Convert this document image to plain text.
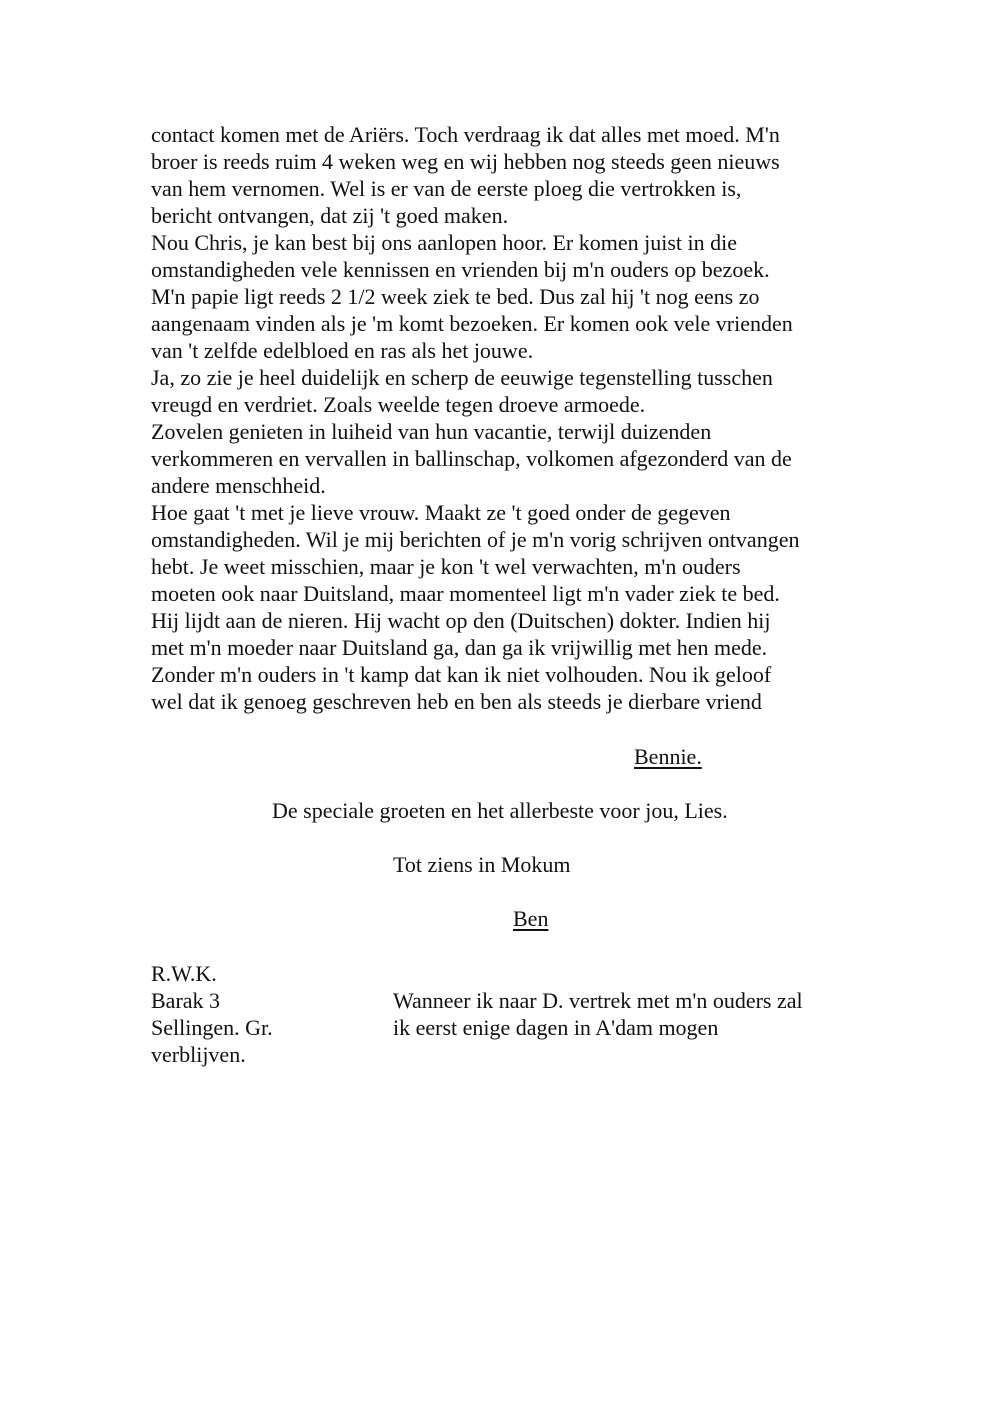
contact komen met de Ariërs. Toch verdraag ik dat alles met moed. M'n
broer is reeds ruim 4 weken weg en wij hebben nog steeds geen nieuws
van hem vernomen. Wel is er van de eerste ploeg die vertrokken is,
bericht ontvangen, dat zij 't goed maken.
Nou Chris, je kan best bij ons aanlopen hoor. Er komen juist in die
omstandigheden vele kennissen en vrienden bij m'n ouders op bezoek.
M'n papie ligt reeds 2 1/2 week ziek te bed. Dus zal hij 't nog eens zo
aangenaam vinden als je 'm komt bezoeken. Er komen ook vele vrienden
van 't zelfde edelbloed en ras als het jouwe.
Ja, zo zie je heel duidelijk en scherp de eeuwige tegenstelling tusschen
vreugd en verdriet. Zoals weelde tegen droeve armoede.
Zovelen genieten in luiheid van hun vacantie, terwijl duizenden
verkommeren en vervallen in ballinschap, volkomen afgezonderd van de
andere menschheid.
Hoe gaat 't met je lieve vrouw. Maakt ze 't goed onder de gegeven
omstandigheden. Wil je mij berichten of je m'n vorig schrijven ontvangen
hebt. Je weet misschien, maar je kon 't wel verwachten, m'n ouders
moeten ook naar Duitsland, maar momenteel ligt m'n vader ziek te bed.
Hij lijdt aan de nieren. Hij wacht op den (Duitschen) dokter. Indien hij
met m'n moeder naar Duitsland ga, dan ga ik vrijwillig met hen mede.
Zonder m'n ouders in 't kamp dat kan ik niet volhouden. Nou ik geloof
wel dat ik genoeg geschreven heb en ben als steeds je dierbare vriend
Bennie.
De speciale groeten en het allerbeste voor jou, Lies.
Tot ziens in Mokum
Ben
R.W.K.
Barak 3
Sellingen. Gr.
verblijven.
Wanneer ik naar D. vertrek met m'n ouders zal
ik eerst enige dagen in A'dam mogen
